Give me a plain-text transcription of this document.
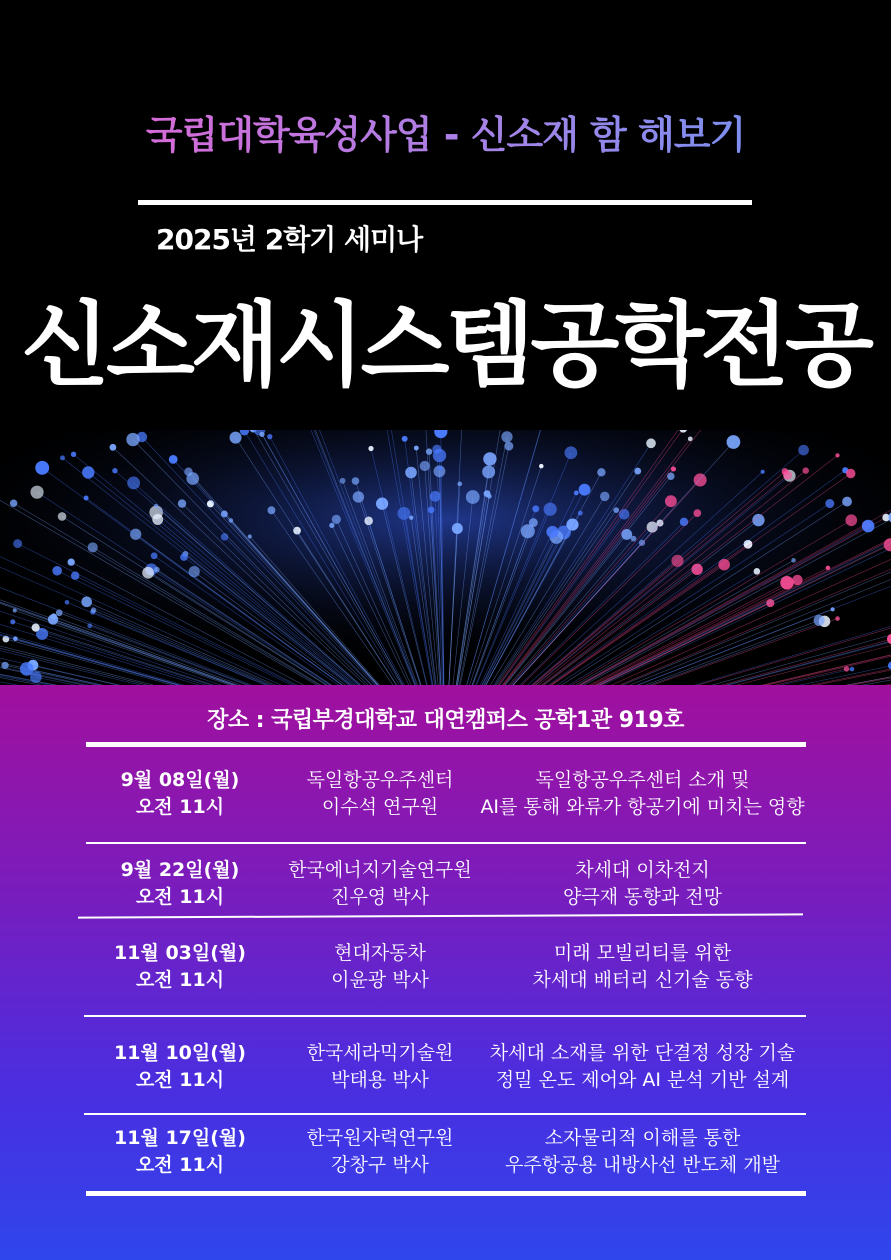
국립대학육성사업 - 신소재 함 해보기
2025년 2학기 세미나
신소재시스템공학전공
장소 : 국립부경대학교 대연캠퍼스 공학1관 919호
9월 08일(월)
오전 11시
독일항공우주센터
이수석 연구원
독일항공우주센터 소개 및
AI를 통해 와류가 항공기에 미치는 영향
9월 22일(월)
오전 11시
한국에너지기술연구원
진우영 박사
차세대 이차전지
양극재 동향과 전망
11월 03일(월)
오전 11시
현대자동차
이윤광 박사
미래 모빌리티를 위한
차세대 배터리 신기술 동향
11월 10일(월)
오전 11시
한국세라믹기술원
박태용 박사
차세대 소재를 위한 단결정 성장 기술
정밀 온도 제어와 AI 분석 기반 설계
11월 17일(월)
오전 11시
한국원자력연구원
강창구 박사
소자물리적 이해를 통한
우주항공용 내방사선 반도체 개발
